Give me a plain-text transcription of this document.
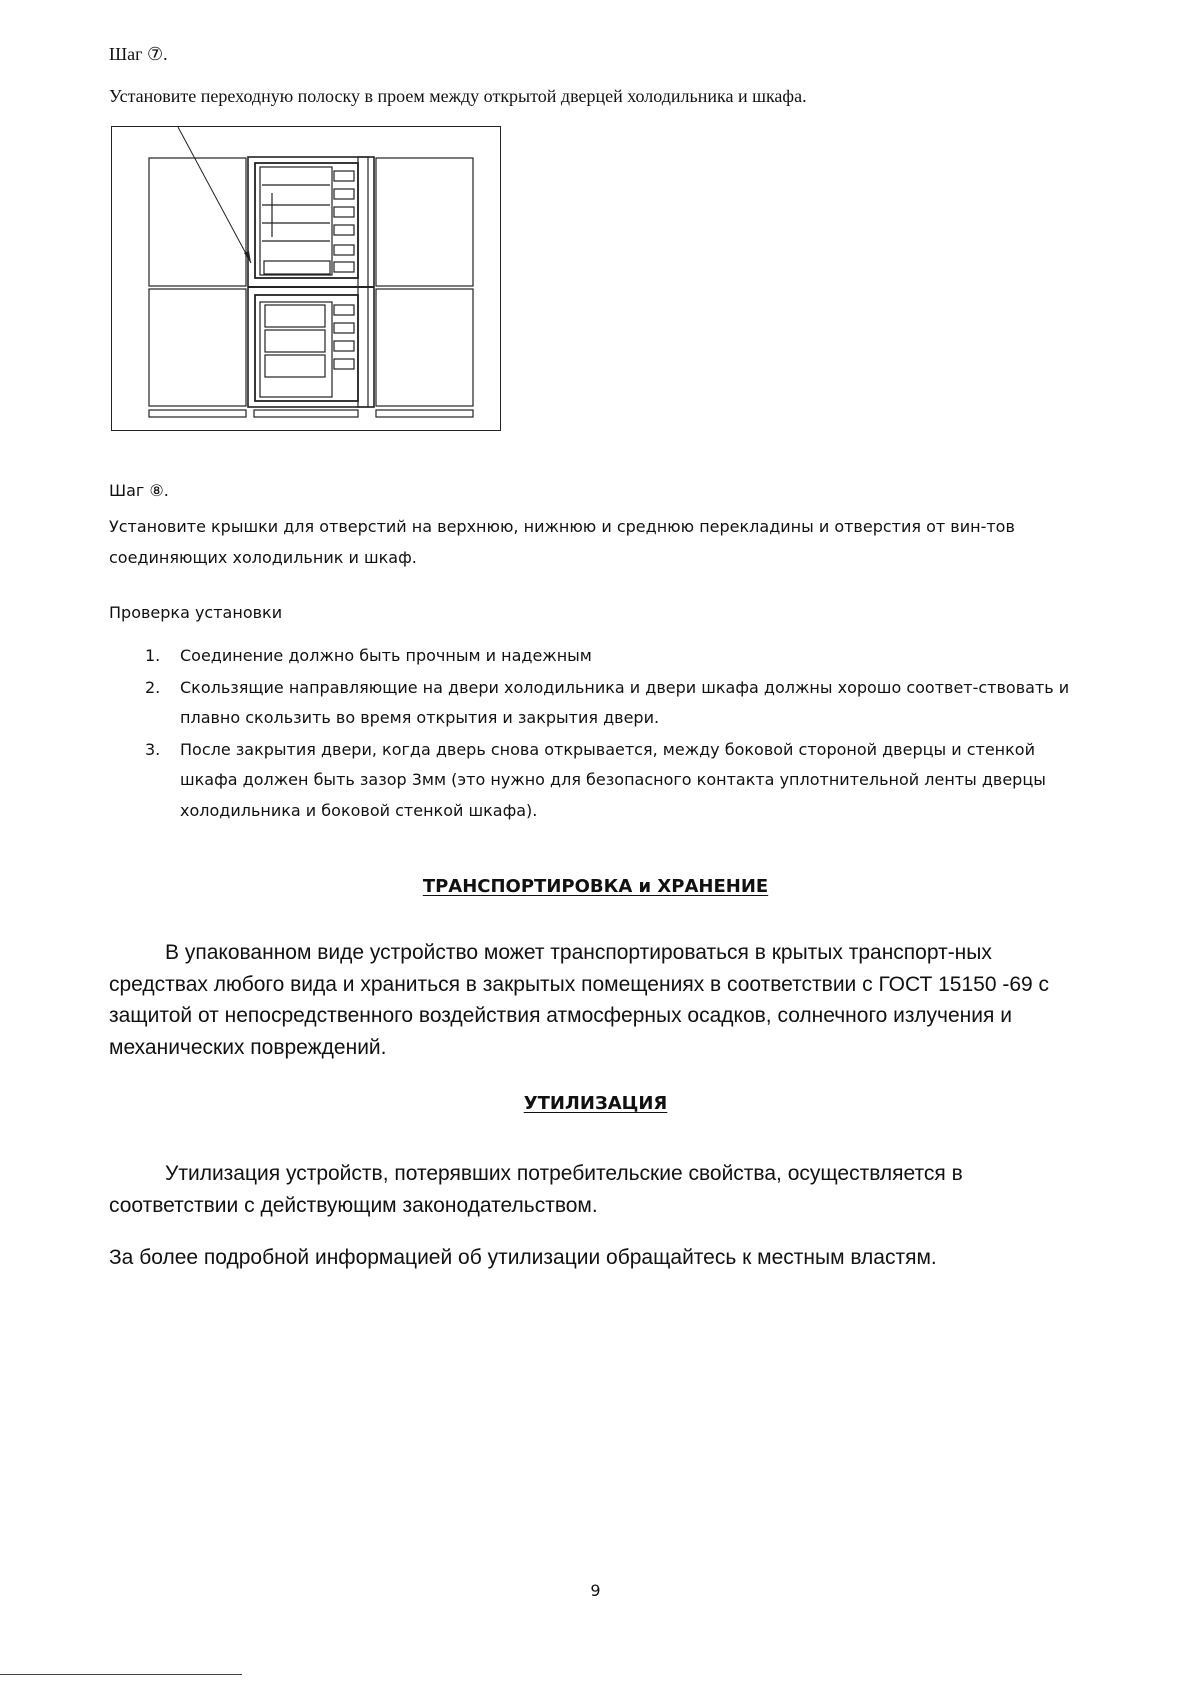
Шаг ⑦.

Установите переходную полоску в проем между открытой дверцей холодильника и шкафа.

Шаг ⑧.

Установите крышки для отверстий на верхнюю, нижнюю и среднюю перекладины и отверстия от вин-тов соединяющих холодильник и шкаф.

Проверка установки

1. Соединение должно быть прочным и надежным
2. Скользящие направляющие на двери холодильника и двери шкафа должны хорошо соответ-ствовать и плавно скользить во время открытия и закрытия двери.
3. После закрытия двери, когда дверь снова открывается, между боковой стороной дверцы и стенкой шкафа должен быть зазор 3мм (это нужно для безопасного контакта уплотнительной ленты дверцы холодильника и боковой стенкой шкафа).

ТРАНСПОРТИРОВКА и ХРАНЕНИЕ

В упакованном виде устройство может транспортироваться в крытых транспорт-ных средствах любого вида и храниться в закрытых помещениях в соответствии с ГОСТ 15150 -69 с защитой от непосредственного воздействия атмосферных осадков, солнечного излучения и механических повреждений.

УТИЛИЗАЦИЯ

Утилизация устройств, потерявших потребительские свойства, осуществляется в соответствии с действующим законодательством.

За более подробной информацией об утилизации обращайтесь к местным властям.

9
